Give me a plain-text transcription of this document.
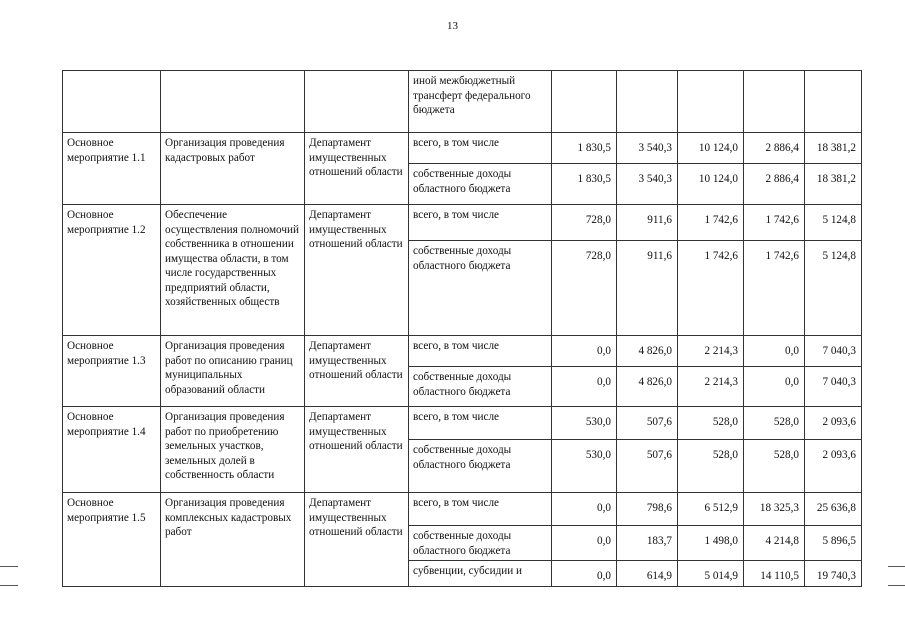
13
			иной межбюджетный трансферт федерального бюджета					
Основное мероприятие 1.1	Организация проведения кадастровых работ	Департамент имущественных отношений области	всего, в том числе	1 830,5	3 540,3	10 124,0	2 886,4	18 381,2
			собственные доходы областного бюджета	1 830,5	3 540,3	10 124,0	2 886,4	18 381,2
Основное мероприятие 1.2	Обеспечение осуществления полномочий собственника в отношении имущества области, в том числе государственных предприятий области, хозяйственных обществ	Департамент имущественных отношений области	всего, в том числе	728,0	911,6	1 742,6	1 742,6	5 124,8
			собственные доходы областного бюджета	728,0	911,6	1 742,6	1 742,6	5 124,8
Основное мероприятие 1.3	Организация проведения работ по описанию границ муниципальных образований области	Департамент имущественных отношений области	всего, в том числе	0,0	4 826,0	2 214,3	0,0	7 040,3
			собственные доходы областного бюджета	0,0	4 826,0	2 214,3	0,0	7 040,3
Основное мероприятие 1.4	Организация проведения работ по приобретению земельных участков, земельных долей в собственность области	Департамент имущественных отношений области	всего, в том числе	530,0	507,6	528,0	528,0	2 093,6
			собственные доходы областного бюджета	530,0	507,6	528,0	528,0	2 093,6
Основное мероприятие 1.5	Организация проведения комплексных кадастровых работ	Департамент имущественных отношений области	всего, в том числе	0,0	798,6	6 512,9	18 325,3	25 636,8
			собственные доходы областного бюджета	0,0	183,7	1 498,0	4 214,8	5 896,5
			субвенции, субсидии и	0,0	614,9	5 014,9	14 110,5	19 740,3
